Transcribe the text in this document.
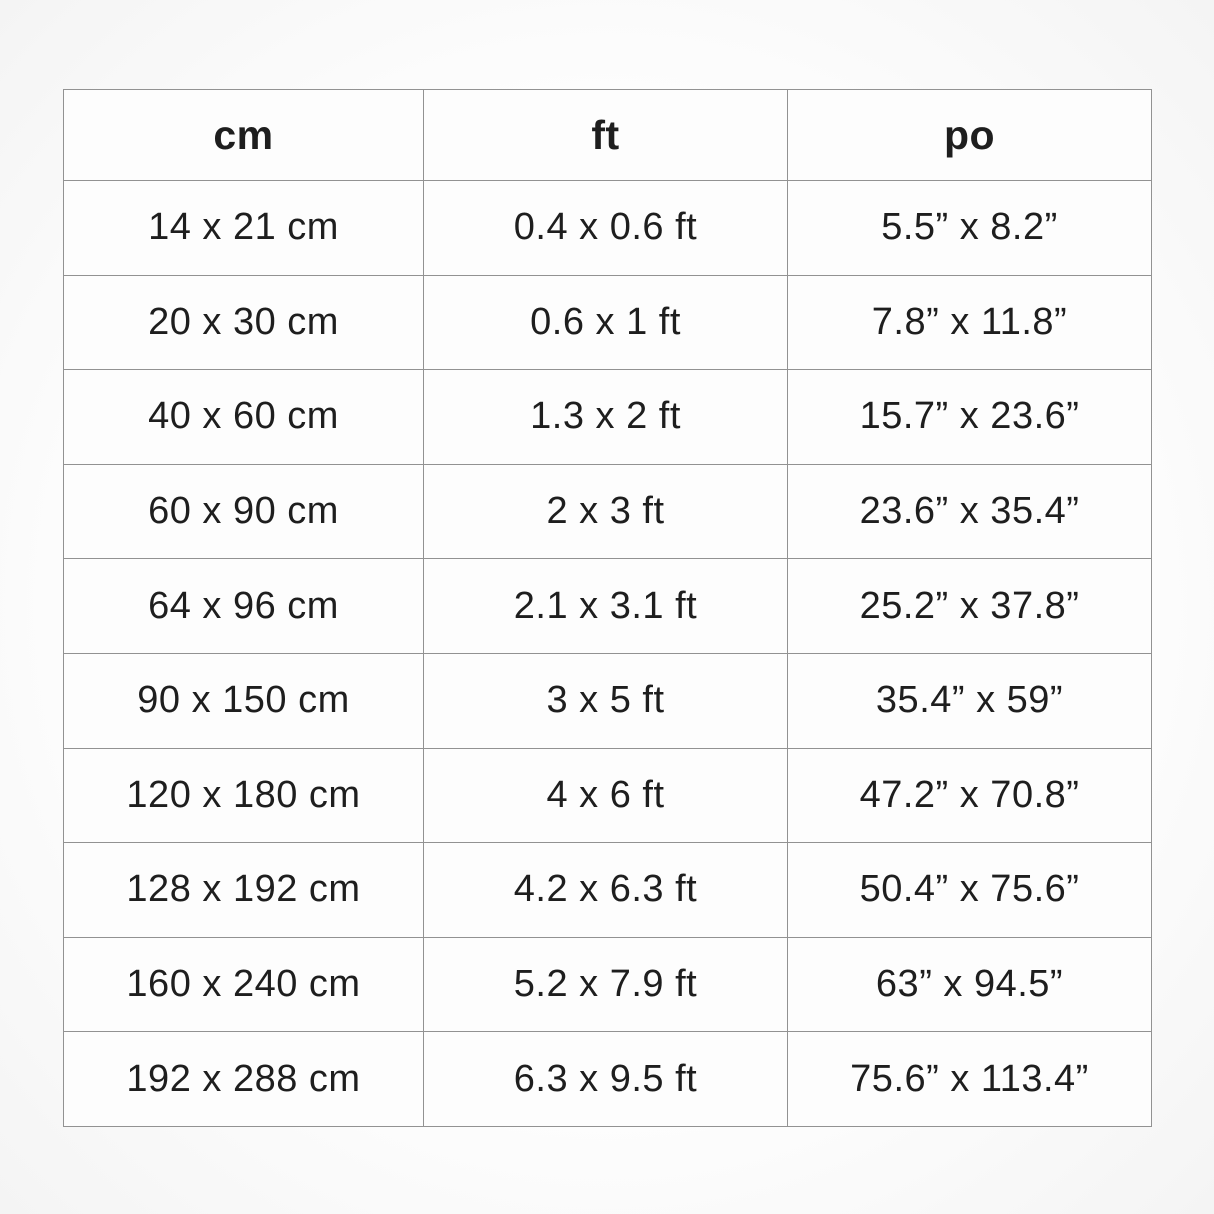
cm	ft	po
14 x 21 cm	0.4 x 0.6 ft	5.5” x 8.2”
20 x 30 cm	0.6 x 1 ft	7.8” x 11.8”
40 x 60 cm	1.3 x 2 ft	15.7” x 23.6”
60 x 90 cm	2 x 3 ft	23.6” x 35.4”
64 x 96 cm	2.1 x 3.1 ft	25.2” x 37.8”
90 x 150 cm	3 x 5 ft	35.4” x 59”
120 x 180 cm	4 x 6 ft	47.2” x 70.8”
128 x 192 cm	4.2 x 6.3 ft	50.4” x 75.6”
160 x 240 cm	5.2 x 7.9 ft	63” x 94.5”
192 x 288 cm	6.3 x 9.5 ft	75.6” x 113.4”
